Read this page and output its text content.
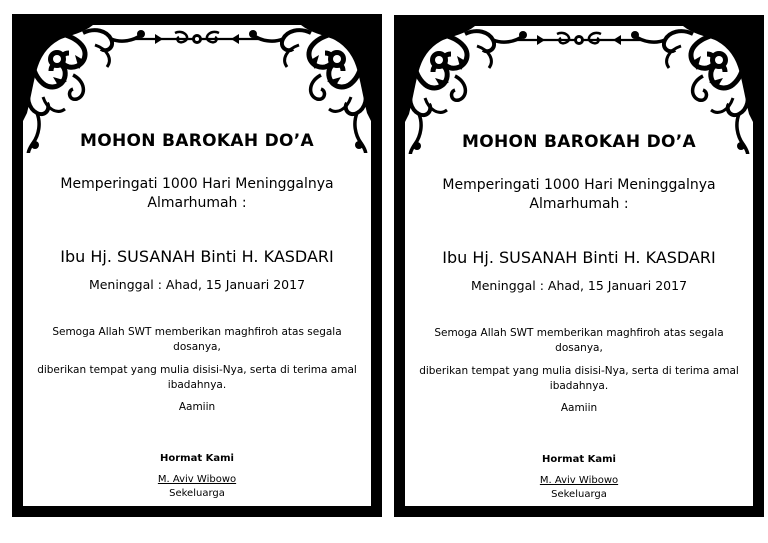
MOHON BAROKAH DO’A
Memperingati 1000 Hari Meninggalnya Almarhumah :
Ibu Hj. SUSANAH Binti H. KASDARI
Meninggal : Ahad, 15 Januari 2017
Semoga Allah SWT memberikan maghfiroh atas segala dosanya,
diberikan tempat yang mulia disisi-Nya, serta di terima amal ibadahnya.
Aamiin
Hormat Kami
M. Aviv Wibowo
Sekeluarga
MOHON BAROKAH DO’A
Memperingati 1000 Hari Meninggalnya Almarhumah :
Ibu Hj. SUSANAH Binti H. KASDARI
Meninggal : Ahad, 15 Januari 2017
Semoga Allah SWT memberikan maghfiroh atas segala dosanya,
diberikan tempat yang mulia disisi-Nya, serta di terima amal ibadahnya.
Aamiin
Hormat Kami
M. Aviv Wibowo
Sekeluarga
